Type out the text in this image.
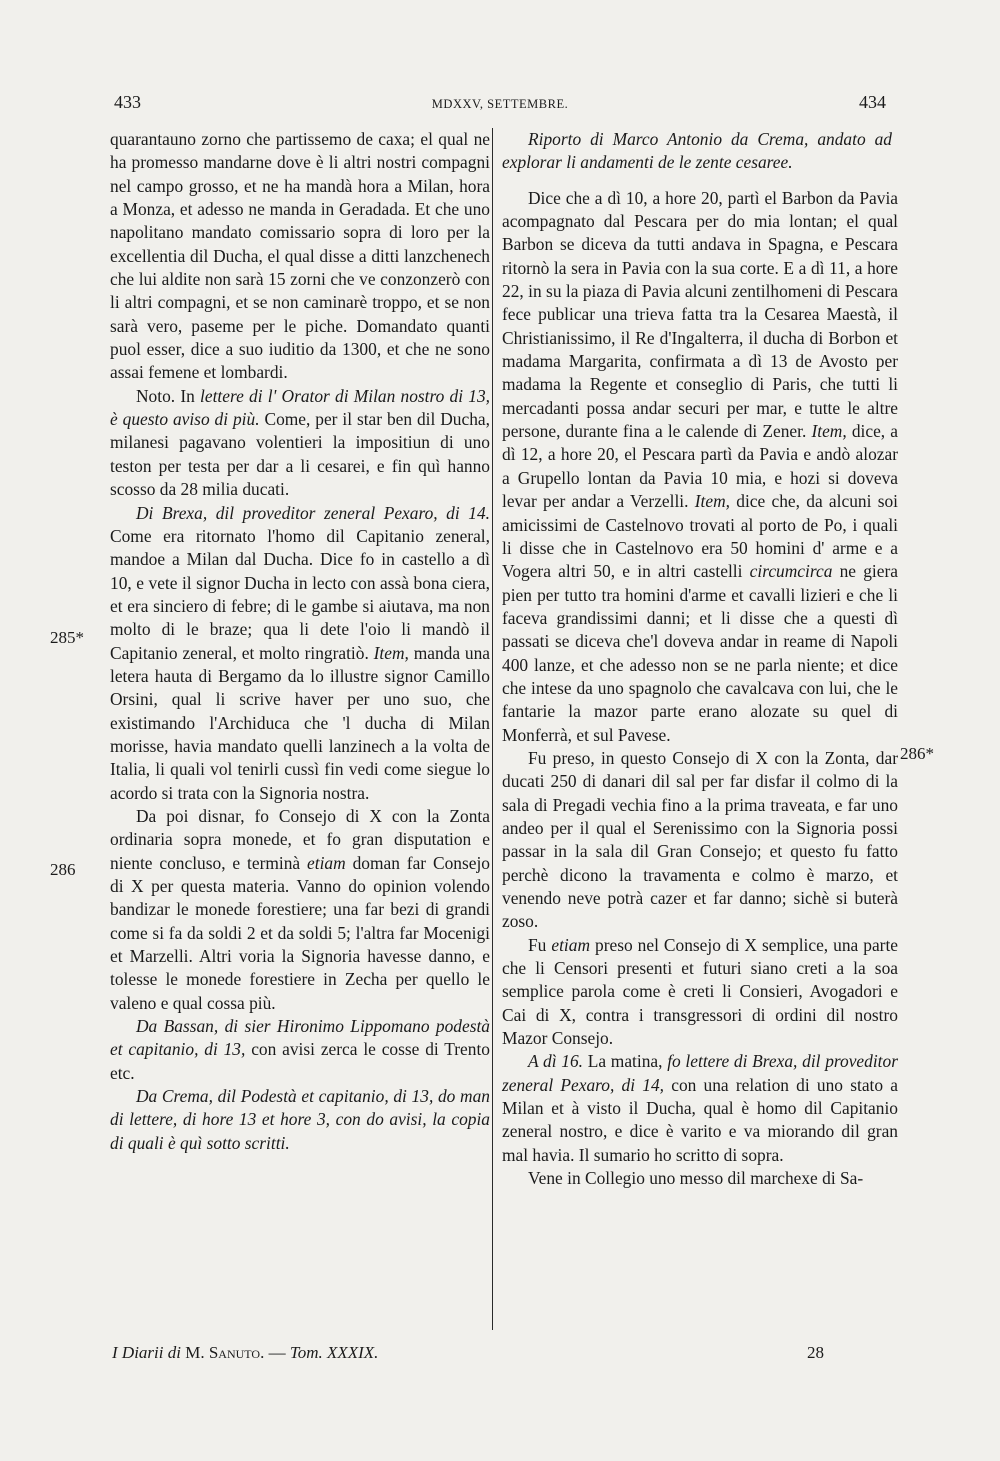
433	MDXXV, SETTEMBRE.	434
285*
286
286*

quarantauno zorno che partissemo de caxa; el qual ne ha promesso mandarne dove è li altri nostri compagni nel campo grosso, et ne ha mandà hora a Milan, hora a Monza, et adesso ne manda in Geradada. Et che uno napolitano mandato comissario sopra di loro per la excellentia dil Ducha, el qual disse a ditti lanzchenech che lui aldite non sarà 15 zorni che ve conzonzerò con li altri compagni, et se non caminarè troppo, et se non sarà vero, paseme per le piche. Domandato quanti puol esser, dice a suo iuditio da 1300, et che ne sono assai femene et lombardi.

Noto. In lettere di l' Orator di Milan nostro di 13, è questo aviso di più. Come, per il star ben dil Ducha, milanesi pagavano volentieri la impositiun di uno teston per testa per dar a li cesarei, e fin quì hanno scosso da 28 milia ducati.

Di Brexa, dil proveditor zeneral Pexaro, di 14. Come era ritornato l'homo dil Capitanio zeneral, mandoe a Milan dal Ducha. Dice fo in castello a dì 10, e vete il signor Ducha in lecto con assà bona ciera, et era sinciero di febre; di le gambe si aiutava, ma non molto di le braze; qua li dete l'oio li mandò il Capitanio zeneral, et molto ringratiò. Item, manda una letera hauta di Bergamo da lo illustre signor Camillo Orsini, qual li scrive haver per uno suo, che existimando l'Archiduca che 'l ducha di Milan morisse, havia mandato quelli lanzinech a la volta de Italia, li quali vol tenirli cussì fin vedi come siegue lo acordo si trata con la Signoria nostra.

Da poi disnar, fo Consejo di X con la Zonta ordinaria sopra monede, et fo gran disputation e niente concluso, e terminà etiam doman far Consejo di X per questa materia. Vanno do opinion volendo bandizar le monede forestiere; una far bezi di grandi come si fa da soldi 2 et da soldi 5; l'altra far Mocenigi et Marzelli. Altri voria la Signoria havesse danno, e tolesse le monede forestiere in Zecha per quello le valeno e qual cossa più.

Da Bassan, di sier Hironimo Lippomano podestà et capitanio, di 13, con avisi zerca le cosse di Trento etc.

Da Crema, dil Podestà et capitanio, di 13, do man di lettere, di hore 13 et hore 3, con do avisi, la copia di quali è quì sotto scritti.

Riporto di Marco Antonio da Crema, andato ad explorar li andamenti de le zente cesaree.

Dice che a dì 10, a hore 20, partì el Barbon da Pavia acompagnato dal Pescara per do mia lontan; el qual Barbon se diceva da tutti andava in Spagna, e Pescara ritornò la sera in Pavia con la sua corte. E a dì 11, a hore 22, in su la piaza di Pavia alcuni zentilhomeni di Pescara fece publicar una trieva fatta tra la Cesarea Maestà, il Christianissimo, il Re d'Ingalterra, il ducha di Borbon et madama Margarita, confirmata a dì 13 de Avosto per madama la Regente et conseglio di Paris, che tutti li mercadanti possa andar securi per mar, e tutte le altre persone, durante fina a le calende di Zener. Item, dice, a dì 12, a hore 20, el Pescara partì da Pavia e andò alozar a Grupello lontan da Pavia 10 mia, e hozi si doveva levar per andar a Verzelli. Item, dice che, da alcuni soi amicissimi de Castelnovo trovati al porto de Po, i quali li disse che in Castelnovo era 50 homini d' arme e a Vogera altri 50, e in altri castelli circumcirca ne giera pien per tutto tra homini d'arme et cavalli lizieri e che li faceva grandissimi danni; et li disse che a questi dì passati se diceva che'l doveva andar in reame di Napoli 400 lanze, et che adesso non se ne parla niente; et dice che intese da uno spagnolo che cavalcava con lui, che le fantarie la mazor parte erano alozate su quel di Monferrà, et sul Pavese.

Fu preso, in questo Consejo di X con la Zonta, dar ducati 250 di danari dil sal per far disfar il colmo di la sala di Pregadi vechia fino a la prima traveata, e far uno andeo per il qual el Serenissimo con la Signoria possi passar in la sala dil Gran Consejo; et questo fu fatto perchè dicono la travamenta e colmo è marzo, et venendo neve potrà cazer et far danno; sichè si buterà zoso.

Fu etiam preso nel Consejo di X semplice, una parte che li Censori presenti et futuri siano creti a la soa semplice parola come è creti li Consieri, Avogadori e Cai di X, contra i transgressori di ordini dil nostro Mazor Consejo.

A dì 16. La matina, fo lettere di Brexa, dil proveditor zeneral Pexaro, di 14, con una relation di uno stato a Milan et à visto il Ducha, qual è homo dil Capitanio zeneral nostro, e dice è varito e va miorando dil gran mal havia. Il sumario ho scritto di sopra.

Vene in Collegio uno messo dil marchexe di Sa-

I Diarii di M. Sanuto. — Tom. XXXIX.	28
